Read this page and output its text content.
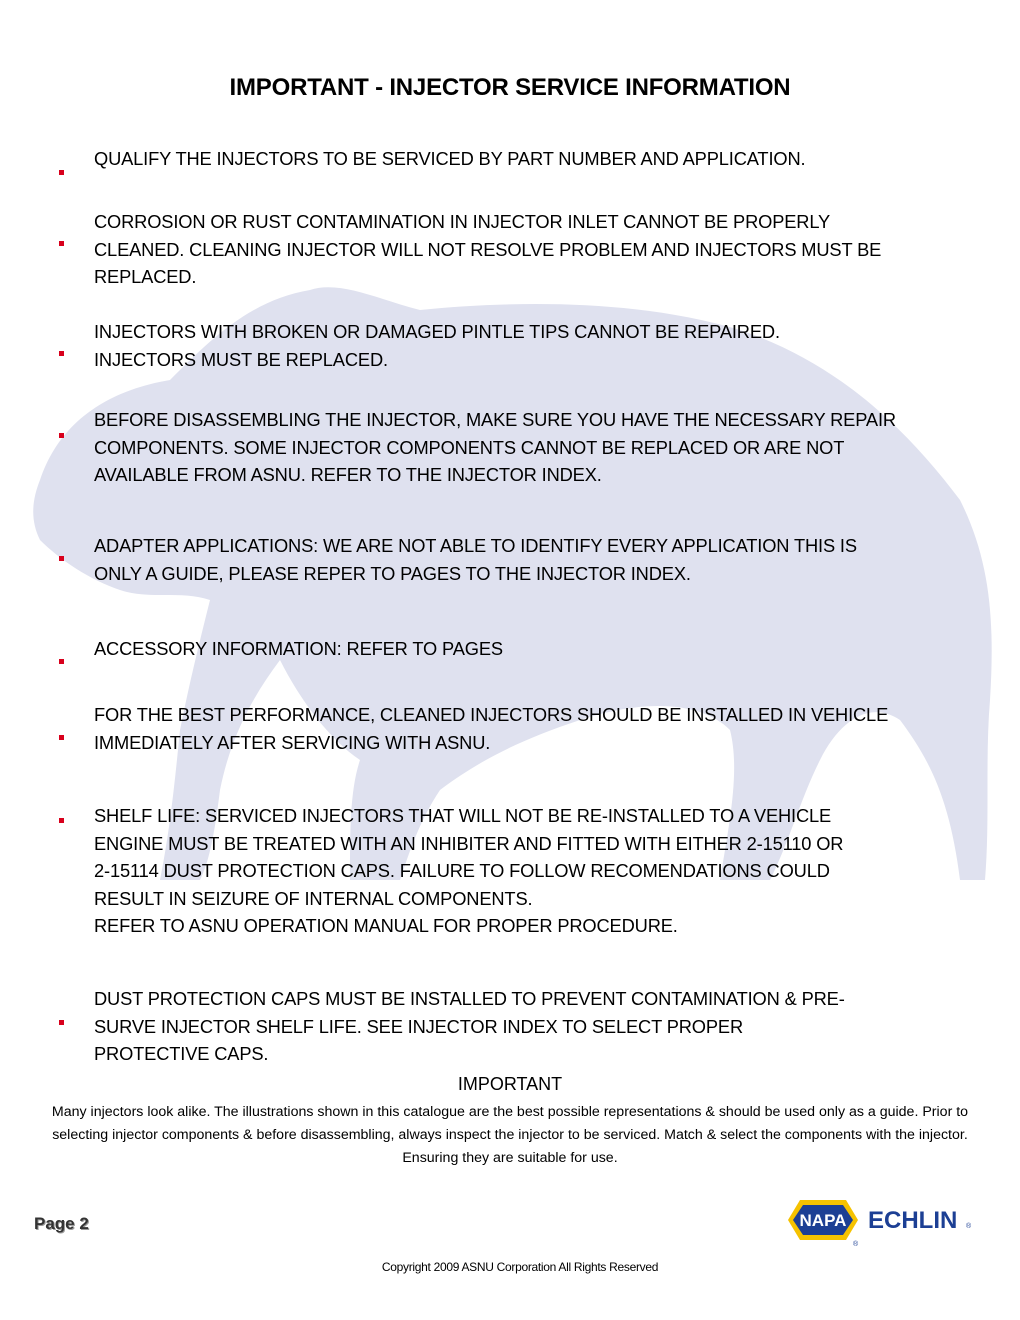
IMPORTANT - INJECTOR SERVICE INFORMATION
QUALIFY THE INJECTORS TO BE SERVICED BY PART NUMBER AND APPLICATION.
CORROSION OR RUST CONTAMINATION IN INJECTOR INLET CANNOT BE PROPERLY
CLEANED. CLEANING INJECTOR WILL NOT RESOLVE PROBLEM AND INJECTORS MUST BE
REPLACED.
INJECTORS WITH BROKEN OR DAMAGED PINTLE TIPS CANNOT BE REPAIRED.
INJECTORS MUST BE REPLACED.
BEFORE DISASSEMBLING THE INJECTOR, MAKE SURE YOU HAVE THE NECESSARY REPAIR
COMPONENTS. SOME INJECTOR COMPONENTS CANNOT BE REPLACED OR ARE NOT
AVAILABLE FROM ASNU. REFER TO THE INJECTOR INDEX.
ADAPTER APPLICATIONS: WE ARE NOT ABLE TO IDENTIFY EVERY APPLICATION THIS IS
ONLY A GUIDE, PLEASE REPER TO PAGES TO THE INJECTOR INDEX.
ACCESSORY INFORMATION: REFER TO PAGES
FOR THE BEST PERFORMANCE, CLEANED INJECTORS SHOULD BE INSTALLED IN VEHICLE
IMMEDIATELY AFTER SERVICING WITH ASNU.
SHELF LIFE: SERVICED INJECTORS THAT WILL NOT BE RE-INSTALLED TO A VEHICLE
ENGINE MUST BE TREATED WITH AN INHIBITER AND FITTED WITH EITHER 2-15110 OR
2-15114 DUST PROTECTION CAPS. FAILURE TO FOLLOW RECOMENDATIONS COULD
RESULT IN SEIZURE OF INTERNAL COMPONENTS.
REFER TO ASNU OPERATION MANUAL FOR PROPER PROCEDURE.
DUST PROTECTION CAPS MUST BE INSTALLED TO PREVENT CONTAMINATION & PRE-
SURVE INJECTOR SHELF LIFE. SEE INJECTOR INDEX TO SELECT PROPER
PROTECTIVE CAPS.
IMPORTANT
Many injectors look alike. The illustrations shown in this catalogue are the best possible representations & should be used only as a guide. Prior to selecting injector components & before disassembling, always inspect the injector to be serviced. Match & select the components with the injector. Ensuring they are suitable for use.
Page 2	NAPA ECHLIN
®
®
Copyright 2009 ASNU Corporation All Rights Reserved
